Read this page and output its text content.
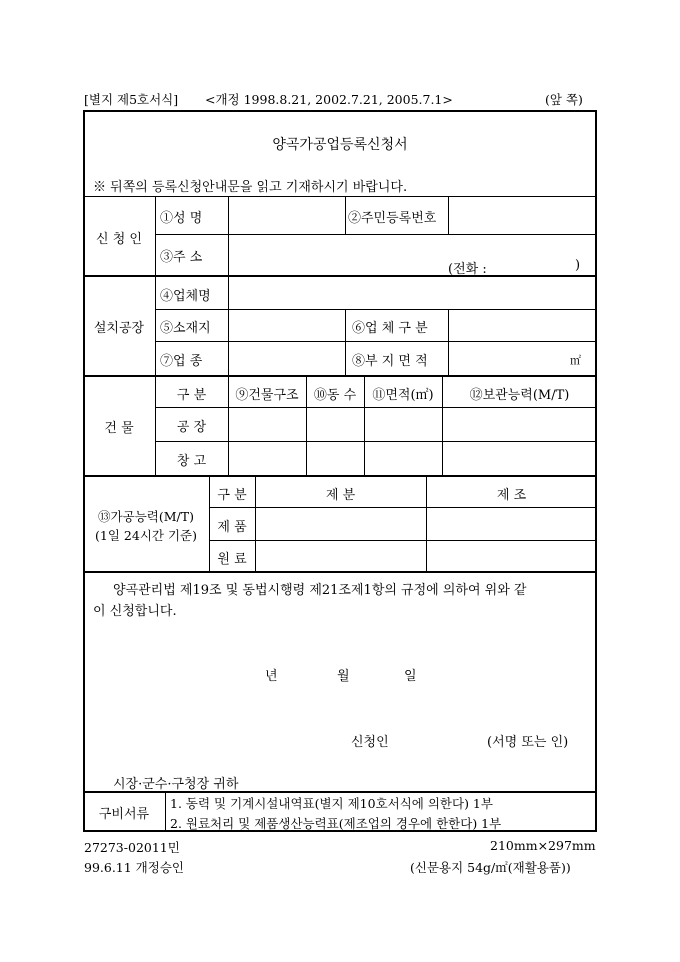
[별지 제5호서식] <개정 1998.8.21, 2002.7.21, 2005.7.1>	(앞 쪽)
양곡가공업등록신청서
※ 뒤쪽의 등록신청안내문을 읽고 기재하시기 바랍니다.
신 청 인
①성 명	②주민등록번호
③주 소
(전화 :	)
설치공장
④업체명
⑤소재지	⑥업 체 구 분
⑦업 종	⑧부 지 면 적	㎡
건 물
구 분	⑨건물구조	⑩동 수	⑪면적(㎡)	⑫보관능력(M/T)
공 장
창 고
⑬가공능력(M/T)
(1일 24시간 기준)
구 분	제 분	제 조
제 품
원 료
양곡관리법 제19조 및 동법시행령 제21조제1항의 규정에 의하여 위와 같
이 신청합니다.
년	월	일
신청인	(서명 또는 인)
시장·군수·구청장 귀하
구비서류
1. 동력 및 기계시설내역표(별지 제10호서식에 의한다) 1부
2. 원료처리 및 제품생산능력표(제조업의 경우에 한한다) 1부
27273-02011민	210mm×297mm
99.6.11 개정승인	(신문용지 54g/㎡(재활용품))
